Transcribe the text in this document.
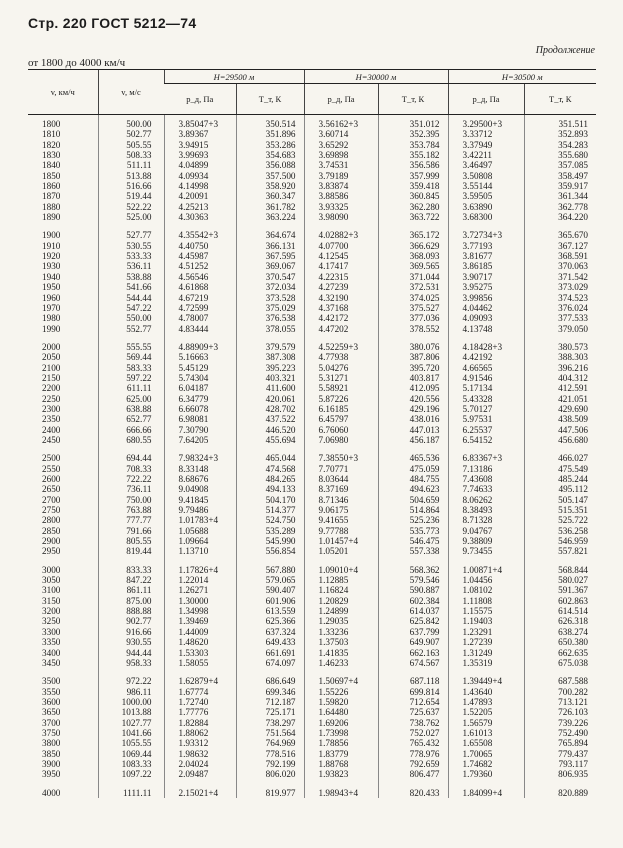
Стр. 220 ГОСТ 5212—74
Продолжение
от 1800 до 4000 км/ч
v, км/ч	v, м/с	H=29500 м		H=30000 м		H=30500 м	
		p_д, Па	T_т, К	p_д, Па	T_т, К	p_д, Па	T_т, К
1800	500.00	3.85047+3	350.514	3.56162+3	351.012	3.29500+3	351.511
1810	502.77	3.89367	351.896	3.60714	352.395	3.33712	352.893
1820	505.55	3.94915	353.286	3.65292	353.784	3.37949	354.283
1830	508.33	3.99693	354.683	3.69898	355.182	3.42211	355.680
1840	511.11	4.04899	356.088	3.74531	356.586	3.46497	357.085
1850	513.88	4.09934	357.500	3.79189	357.999	3.50808	358.497
1860	516.66	4.14998	358.920	3.83874	359.418	3.55144	359.917
1870	519.44	4.20091	360.347	3.88586	360.845	3.59505	361.344
1880	522.22	4.25213	361.782	3.93325	362.280	3.63890	362.778
1890	525.00	4.30363	363.224	3.98090	363.722	3.68300	364.220

1900	527.77	4.35542+3	364.674	4.02882+3	365.172	3.72734+3	365.670
1910	530.55	4.40750	366.131	4.07700	366.629	3.77193	367.127
1920	533.33	4.45987	367.595	4.12545	368.093	3.81677	368.591
1930	536.11	4.51252	369.067	4.17417	369.565	3.86185	370.063
1940	538.88	4.56546	370.547	4.22315	371.044	3.90717	371.542
1950	541.66	4.61868	372.034	4.27239	372.531	3.95275	373.029
1960	544.44	4.67219	373.528	4.32190	374.025	3.99856	374.523
1970	547.22	4.72599	375.029	4.37168	375.527	4.04462	376.024
1980	550.00	4.78007	376.538	4.42172	377.036	4.09093	377.533
1990	552.77	4.83444	378.055	4.47202	378.552	4.13748	379.050

2000	555.55	4.88909+3	379.579	4.52259+3	380.076	4.18428+3	380.573
2050	569.44	5.16663	387.308	4.77938	387.806	4.42192	388.303
2100	583.33	5.45129	395.223	5.04276	395.720	4.66565	396.216
2150	597.22	5.74304	403.321	5.31271	403.817	4.91546	404.312
2200	611.11	6.04187	411.600	5.58921	412.095	5.17134	412.591
2250	625.00	6.34779	420.061	5.87226	420.556	5.43328	421.051
2300	638.88	6.66078	428.702	6.16185	429.196	5.70127	429.690
2350	652.77	6.98081	437.522	6.45797	438.016	5.97531	438.509
2400	666.66	7.30790	446.520	6.76060	447.013	6.25537	447.506
2450	680.55	7.64205	455.694	7.06980	456.187	6.54152	456.680

2500	694.44	7.98324+3	465.044	7.38550+3	465.536	6.83367+3	466.027
2550	708.33	8.33148	474.568	7.70771	475.059	7.13186	475.549
2600	722.22	8.68676	484.265	8.03644	484.755	7.43608	485.244
2650	736.11	9.04908	494.133	8.37169	494.623	7.74633	495.112
2700	750.00	9.41845	504.170	8.71346	504.659	8.06262	505.147
2750	763.88	9.79486	514.377	9.06175	514.864	8.38493	515.351
2800	777.77	1.01783+4	524.750	9.41655	525.236	8.71328	525.722
2850	791.66	1.05688	535.289	9.77788	535.773	9.04767	536.258
2900	805.55	1.09664	545.990	1.01457+4	546.475	9.38809	546.959
2950	819.44	1.13710	556.854	1.05201	557.338	9.73455	557.821

3000	833.33	1.17826+4	567.880	1.09010+4	568.362	1.00871+4	568.844
3050	847.22	1.22014	579.065	1.12885	579.546	1.04456	580.027
3100	861.11	1.26271	590.407	1.16824	590.887	1.08102	591.367
3150	875.00	1.30000	601.906	1.20829	602.384	1.11808	602.863
3200	888.88	1.34998	613.559	1.24899	614.037	1.15575	614.514
3250	902.77	1.39469	625.366	1.29035	625.842	1.19403	626.318
3300	916.66	1.44009	637.324	1.33236	637.799	1.23291	638.274
3350	930.55	1.48620	649.433	1.37503	649.907	1.27239	650.380
3400	944.44	1.53303	661.691	1.41835	662.163	1.31249	662.635
3450	958.33	1.58055	674.097	1.46233	674.567	1.35319	675.038

3500	972.22	1.62879+4	686.649	1.50697+4	687.118	1.39449+4	687.588
3550	986.11	1.67774	699.346	1.55226	699.814	1.43640	700.282
3600	1000.00	1.72740	712.187	1.59820	712.654	1.47893	713.121
3650	1013.88	1.77776	725.171	1.64480	725.637	1.52205	726.103
3700	1027.77	1.82884	738.297	1.69206	738.762	1.56579	739.226
3750	1041.66	1.88062	751.564	1.73998	752.027	1.61013	752.490
3800	1055.55	1.93312	764.969	1.78856	765.432	1.65508	765.894
3850	1069.44	1.98632	778.516	1.83779	778.976	1.70065	779.437
3900	1083.33	2.04024	792.199	1.88768	792.659	1.74682	793.117
3950	1097.22	2.09487	806.020	1.93823	806.477	1.79360	806.935

4000	1111.11	2.15021+4	819.977	1.98943+4	820.433	1.84099+4	820.889
